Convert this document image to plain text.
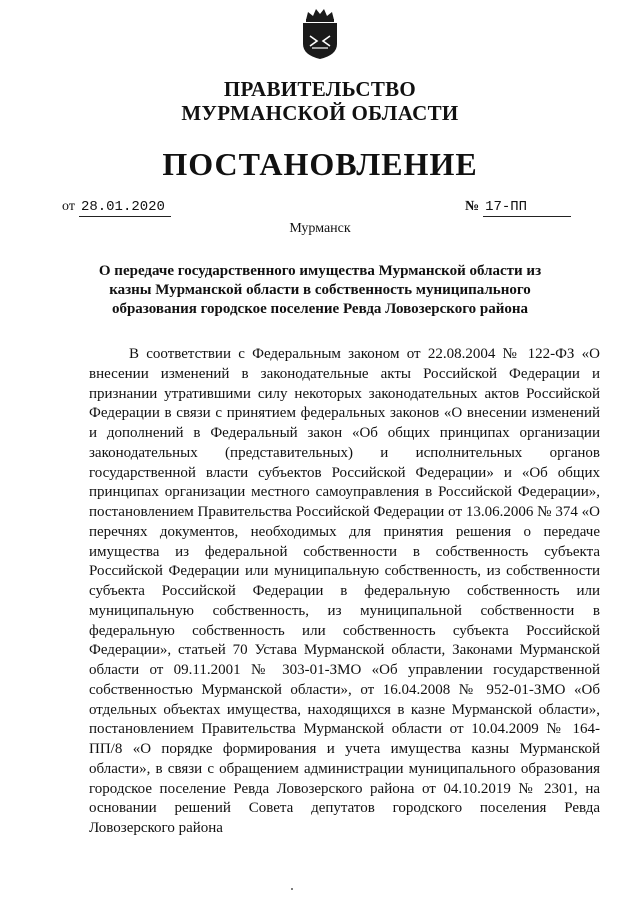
ПРАВИТЕЛЬСТВО
МУРМАНСКОЙ ОБЛАСТИ
ПОСТАНОВЛЕНИЕ
от 28.01.2020	№ 17-ПП
Мурманск
О передаче государственного имущества Мурманской области из казны Мурманской области в собственность муниципального образования городское поселение Ревда Ловозерского района

В соответствии с Федеральным законом от 22.08.2004 № 122-ФЗ «О внесении изменений в законодательные акты Российской Федерации и признании утратившими силу некоторых законодательных актов Российской Федерации в связи с принятием федеральных законов «О внесении изменений и дополнений в Федеральный закон «Об общих принципах организации законодательных (представительных) и исполнительных органов государственной власти субъектов Российской Федерации» и «Об общих принципах организации местного самоуправления в Российской Федерации», постановлением Правительства Российской Федерации от 13.06.2006 № 374 «О перечнях документов, необходимых для принятия решения о передаче имущества из федеральной собственности в собственность субъекта Российской Федерации или муниципальную собственность, из собственности субъекта Российской Федерации в федеральную собственность или муниципальную собственность, из муниципальной собственности в федеральную собственность или собственность субъекта Российской Федерации», статьей 70 Устава Мурманской области, Законами Мурманской области от 09.11.2001 № 303-01-ЗМО «Об управлении государственной собственностью Мурманской области», от 16.04.2008 № 952-01-ЗМО «Об отдельных объектах имущества, находящихся в казне Мурманской области», постановлением Правительства Мурманской области от 10.04.2009 № 164-ПП/8 «О порядке формирования и учета имущества казны Мурманской области», в связи с обращением администрации муниципального образования городское поселение Ревда Ловозерского района от 04.10.2019 № 2301, на основании решений Совета депутатов городского поселения Ревда Ловозерского района
